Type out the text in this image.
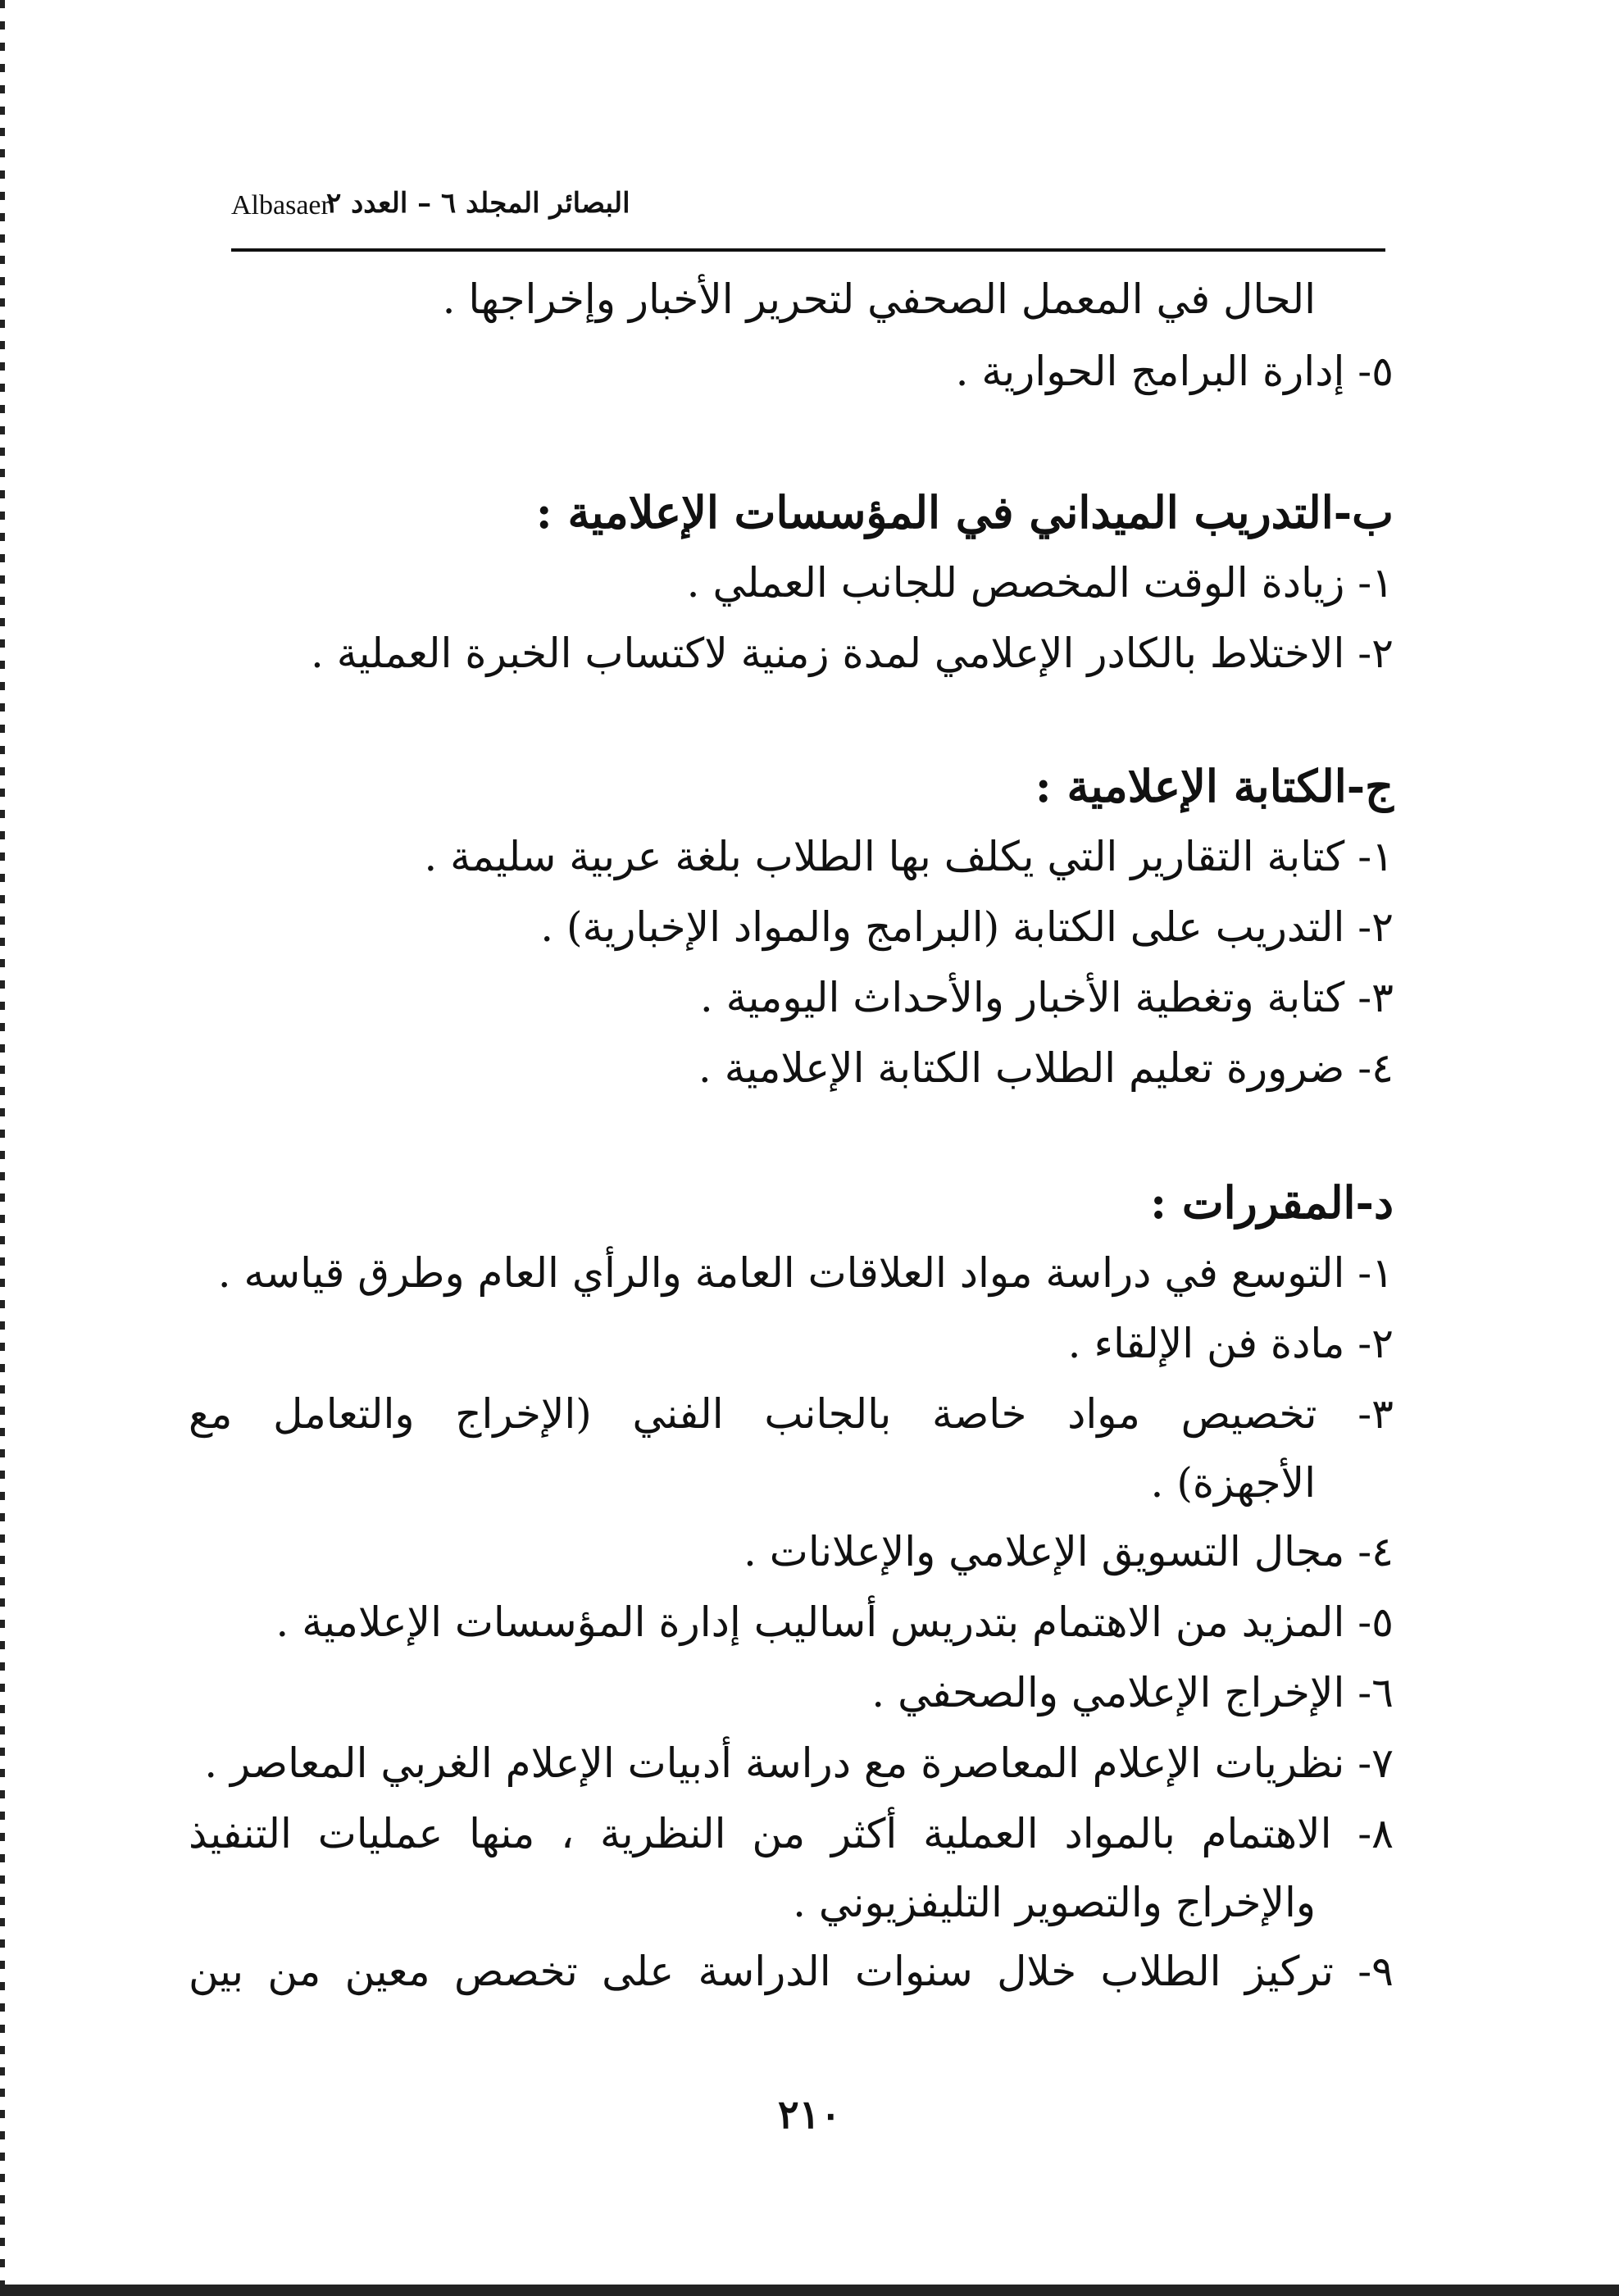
Albasaer
البصائر المجلد ٦ – العدد ٢
الحال في المعمل الصحفي لتحرير الأخبار وإخراجها .
٥- إدارة البرامج الحوارية .
ب-التدريب الميداني في المؤسسات الإعلامية :
١- زيادة الوقت المخصص للجانب العملي .
٢- الاختلاط بالكادر الإعلامي لمدة زمنية لاكتساب الخبرة العملية .
ج-الكتابة الإعلامية :
١- كتابة التقارير التي يكلف بها الطلاب بلغة عربية سليمة .
٢- التدريب على الكتابة (البرامج والمواد الإخبارية) .
٣- كتابة وتغطية الأخبار والأحداث اليومية .
٤- ضرورة تعليم الطلاب الكتابة الإعلامية .
د-المقررات :
١- التوسع في دراسة مواد العلاقات العامة والرأي العام وطرق قياسه .
٢- مادة فن الإلقاء .
٣- تخصيص مواد خاصة بالجانب الفني (الإخراج والتعامل مع
الأجهزة) .
٤- مجال التسويق الإعلامي والإعلانات .
٥- المزيد من الاهتمام بتدريس أساليب إدارة المؤسسات الإعلامية .
٦- الإخراج الإعلامي والصحفي .
٧- نظريات الإعلام المعاصرة مع دراسة أدبيات الإعلام الغربي المعاصر .
٨- الاهتمام بالمواد العملية أكثر من النظرية ، منها عمليات التنفيذ
والإخراج والتصوير التليفزيوني .
٩- تركيز الطلاب خلال سنوات الدراسة على تخصص معين من بين
٢١٠
